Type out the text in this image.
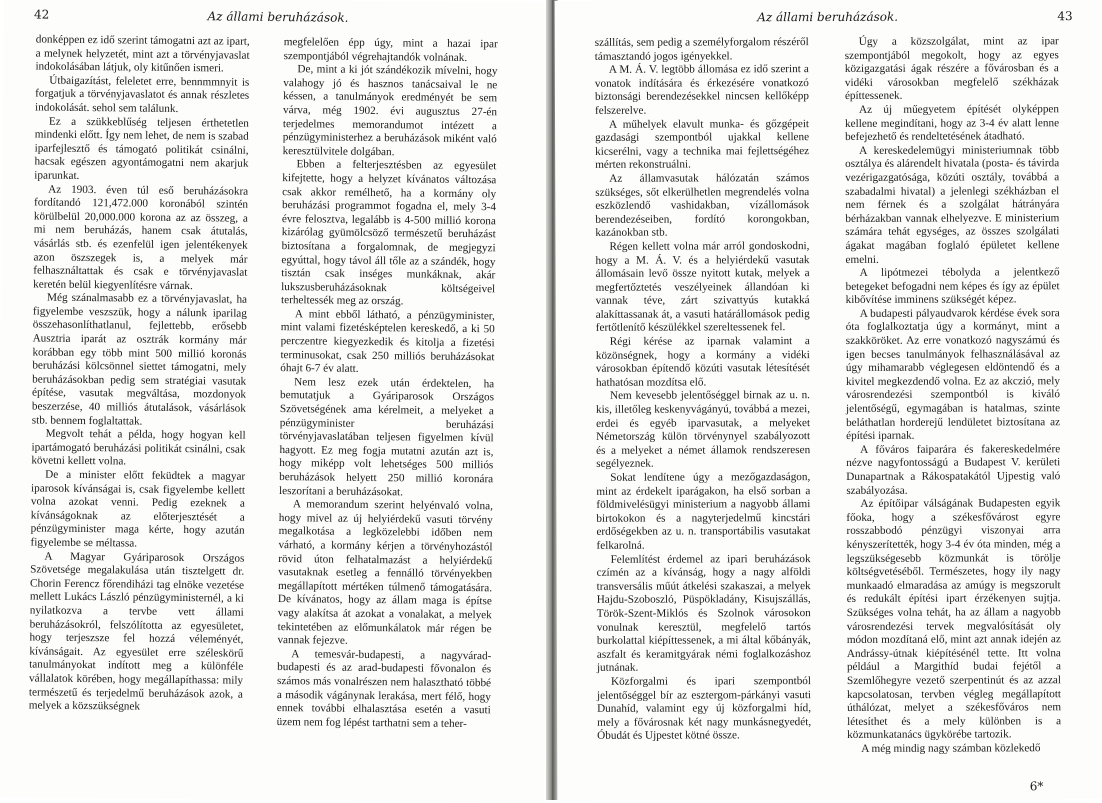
42	Az állami beruházások.

donképpen ez idő szerint támogatni azt az ipart, a melynek helyzetét, mint azt a törvényjavaslat indokolásában látjuk, oly kitűnően ismeri.

Útbaigazítást, feleletet erre, bennmmnyit is forgatjuk a törvényjavaslatot és annak részletes indokolását. sehol sem találunk.

Ez a szükkeblűség teljesen érthetetlen mindenki előtt. Így nem lehet, de nem is szabad iparfejlesztő és támogató politikát csinálni, hacsak egészen agyontámogatni nem akarjuk iparunkat.

Az 1903. éven túl eső beruházásokra fordítandó 121,472.000 koronából szintén körülbelül 20,000.000 korona az az összeg, a mi nem beruházás, hanem csak átutalás, vásárlás stb. és ezenfelül igen jelentékenyek azon öszszegek is, a melyek már felhasználtattak és csak e törvényjavaslat keretén belül kiegyenlítésre várnak.

Még szánalmasabb ez a törvényjavaslat, ha figyelembe veszszük, hogy a nálunk iparilag összehasonlíthatlanul, fejlettebb, erősebb Ausztria iparát az osztrák kormány már korábban egy több mint 500 millió koronás beruházási kölcsönnel siettet támogatni, mely beruházásokban pedig sem stratégiai vasutak építése, vasutak megváltása, mozdonyok beszerzése, 40 milliós átutalások, vásárlások stb. bennem foglaltattak.

Megvolt tehát a példa, hogy hogyan kell ipartámogató beruházási politikát csinálni, csak követni kellett volna.

De a minister előtt feküdtek a magyar iparosok kívánságai is, csak figyelembe kellett volna azokat venni. Pedig ezeknek a kívánságoknak az előterjesztését a pénzügyminister maga kérte, hogy azután figyelembe se méltassa.

A Magyar Gyáriparosok Országos Szövetsége megalakulása után tisztelgett dr. Chorin Ferencz főrendiházi tag elnöke vezetése mellett Lukács László pénzügyministernél, a ki nyilatkozva a tervbe vett állami beruházásokról, felszólította az egyesületet, hogy terjeszsze fel hozzá véleményét, kívánságait. Az egyesület erre széleskörű tanulmányokat indított meg a különféle vállalatok körében, hogy megállapíthassa: mily természetű és terjedelmű beruházások azok, a melyek a közszükségnek

megfelelően épp úgy, mint a hazai ipar szempontjából végrehajtandók volnának.

De, mint a ki jót szándékozik mívelni, hogy valahogy jó és hasznos tanácsaival le ne késsen, a tanulmányok eredményét be sem várva, még 1902. évi augusztus 27-én terjedelmes memorandumot intézett a pénzügyministerhez a beruházások miként való keresztülvitele dolgában.

Ebben a felterjesztésben az egyesület kifejtette, hogy a helyzet kívánatos változása csak akkor remélhető, ha a kormány oly beruházási programmot fogadna el, mely 3-4 évre felosztva, legalább is 4-500 millió korona kizárólag gyümölcsöző természetű beruházást biztosítana a forgalomnak, de megjegyzi egyúttal, hogy távol áll tőle az a szándék, hogy tisztán csak inséges munkáknak, akár lukszusberuházásoknak költségeivel terheltessék meg az ország.

A mint ebből látható, a pénzügyminister, mint valami fizetésképtelen kereskedő, a ki 50 perczentre kiegyezkedik és kitolja a fizetési terminusokat, csak 250 milliós beruházásokat óhajt 6-7 év alatt.

Nem lesz ezek után érdektelen, ha bemutatjuk a Gyáriparosok Országos Szövetségének ama kérelmeit, a melyeket a pénzügyminister beruházási törvényjavaslatában teljesen figyelmen kívül hagyott. Ez meg fogja mutatni azután azt is, hogy miképp volt lehetséges 500 milliós beruházások helyett 250 millió koronára leszorítani a beruházásokat.

A memorandum szerint helyénvaló volna, hogy mivel az új helyiérdekű vasuti törvény megalkotása a legközelebbi időben nem várható, a kormány kérjen a törvényhozástól rövid úton felhatalmazást a helyiérdekű vasutaknak esetleg a fennálló törvényekben megállapított mértéken túlmenő támogatására. De kívánatos, hogy az állam maga is építse vagy alakítsa át azokat a vonalakat, a melyek tekintetében az előmunkálatok már régen be vannak fejezve.

A temesvár-budapesti, a nagyvárad-budapesti és az arad-budapesti fővonalon és számos más vonalrészen nem halasztható többé a második vágánynak lerakása, mert félő, hogy ennek további elhalasztása esetén a vasuti üzem nem fog lépést tarthatni sem a teher-

Az állami beruházások.	43

szállítás, sem pedig a személyforgalom részéről támasztandó jogos igényekkel.

A M. Á. V. legtöbb állomása ez idő szerint a vonatok indítására és érkezésére vonatkozó biztonsági berendezésekkel nincsen kellőképp felszerelve.

A műhelyek elavult munka- és gőzgépeit gazdasági szempontból ujakkal kellene kicserélni, vagy a technika mai fejlettségéhez mérten rekonstruálni.

Az államvasutak hálózatán számos szükséges, sőt elkerülhetlen megrendelés volna eszközlendő vashidakban, vízállomások berendezéseiben, fordító korongokban, kazánokban stb.

Régen kellett volna már arról gondoskodni, hogy a M. Á. V. és a helyiérdekű vasutak állomásain levő össze nyitott kutak, melyek a megfertőztetés veszélyeinek állandóan ki vannak téve, zárt szivattyús kutakká alakíttassanak át, a vasuti határállomások pedig fertőtlenítő készülékkel szereltessenek fel.

Régi kérése az iparnak valamint a közönségnek, hogy a kormány a vidéki városokban építendő közúti vasutak létesítését hathatósan mozdítsa elő.

Nem kevesebb jelentőséggel birnak az u. n. kis, illetőleg keskenyvágányú, továbbá a mezei, erdei és egyéb iparvasutak, a melyeket Németország külön törvénynyel szabályozott és a melyeket a német államok rendszeresen segélyeznek.

Sokat lendítene úgy a mezőgazdaságon, mint az érdekelt iparágakon, ha első sorban a földmivelésügyi ministerium a nagyobb állami birtokokon és a nagyterjedelmű kincstári erdőségekben az u. n. transportábilis vasutakat felkarolná.

Felemlítést érdemel az ipari beruházások czímén az a kívánság, hogy a nagy alföldi transversális műút átkelési szakaszai, a melyek Hajdu-Szoboszló, Püspökladány, Kisujszállás, Török-Szent-Miklós és Szolnok városokon vonulnak keresztül, megfelelő tartós burkolattal kiépíttessenek, a mi által kőbányák, aszfalt és keramitgyárak némi foglalkozáshoz jutnának.

Közforgalmi és ipari szempontból jelentőséggel bír az esztergom-párkányi vasuti Dunahíd, valamint egy új közforgalmi híd, mely a fővárosnak két nagy munkásnegyedét, Óbudát és Ujpestet kötné össze.

Úgy a közszolgálat, mint az ipar szempontjából megokolt, hogy az egyes közigazgatási ágak részére a fővárosban és a vidéki városokban megfelelő székházak építtessenek.

Az új műegyetem építését olyképpen kellene megindítani, hogy az 3-4 év alatt lenne befejezhető és rendeltetésének átadható.

A kereskedelemügyi ministeriumnak több osztálya és alárendelt hivatala (posta- és távirda vezérigazgatósága, közúti osztály, továbbá a szabadalmi hivatal) a jelenlegi székházban el nem férnek és a szolgálat hátrányára bérházakban vannak elhelyezve. E ministerium számára tehát egységes, az összes szolgálati ágakat magában foglaló épületet kellene emelni.

A lipótmezei tébolyda a jelentkező betegeket befogadni nem képes és így az épület kibővítése imminens szükségét képez.

A budapesti pályaudvarok kérdése évek sora óta foglalkoztatja úgy a kormányt, mint a szakköröket. Az erre vonatkozó nagyszámú és igen becses tanulmányok felhasználásával az úgy mihamarabb véglegesen eldöntendő és a kivitel megkezdendő volna. Ez az akczió, mely városrendezési szempontból is kiváló jelentőségű, egymagában is hatalmas, szinte beláthatlan horderejű lendületet biztosítana az építési iparnak.

A főváros faiparára és fakereskedelmére nézve nagyfontosságú a Budapest V. kerületi Dunapartnak a Rákospatakától Ujpestig való szabályozása.

Az építőipar válságának Budapesten egyik főoka, hogy a székesfővárost egyre rosszabbodó pénzügyi viszonyai arra kényszerítették, hogy 3-4 év óta minden, még a legszükségesebb közmunkát is törölje költségvetéséből. Természetes, hogy ily nagy munkaadó elmaradása az amúgy is megszorult és redukált építési ipart érzékenyen sujtja. Szükséges volna tehát, ha az állam a nagyobb városrendezési tervek megvalósítását oly módon mozdítaná elő, mint azt annak idején az Andrássy-útnak kiépítésénél tette. Itt volna például a Margithíd budai fejétől a Szemlőhegyre vezető szerpentinút és az azzal kapcsolatosan, tervben végleg megállapított úthálózat, melyet a székesfőváros nem létesíthet és a mely különben is a közmunkatanács ügykörébe tartozik.

A még mindig nagy számban közlekedő

6*
